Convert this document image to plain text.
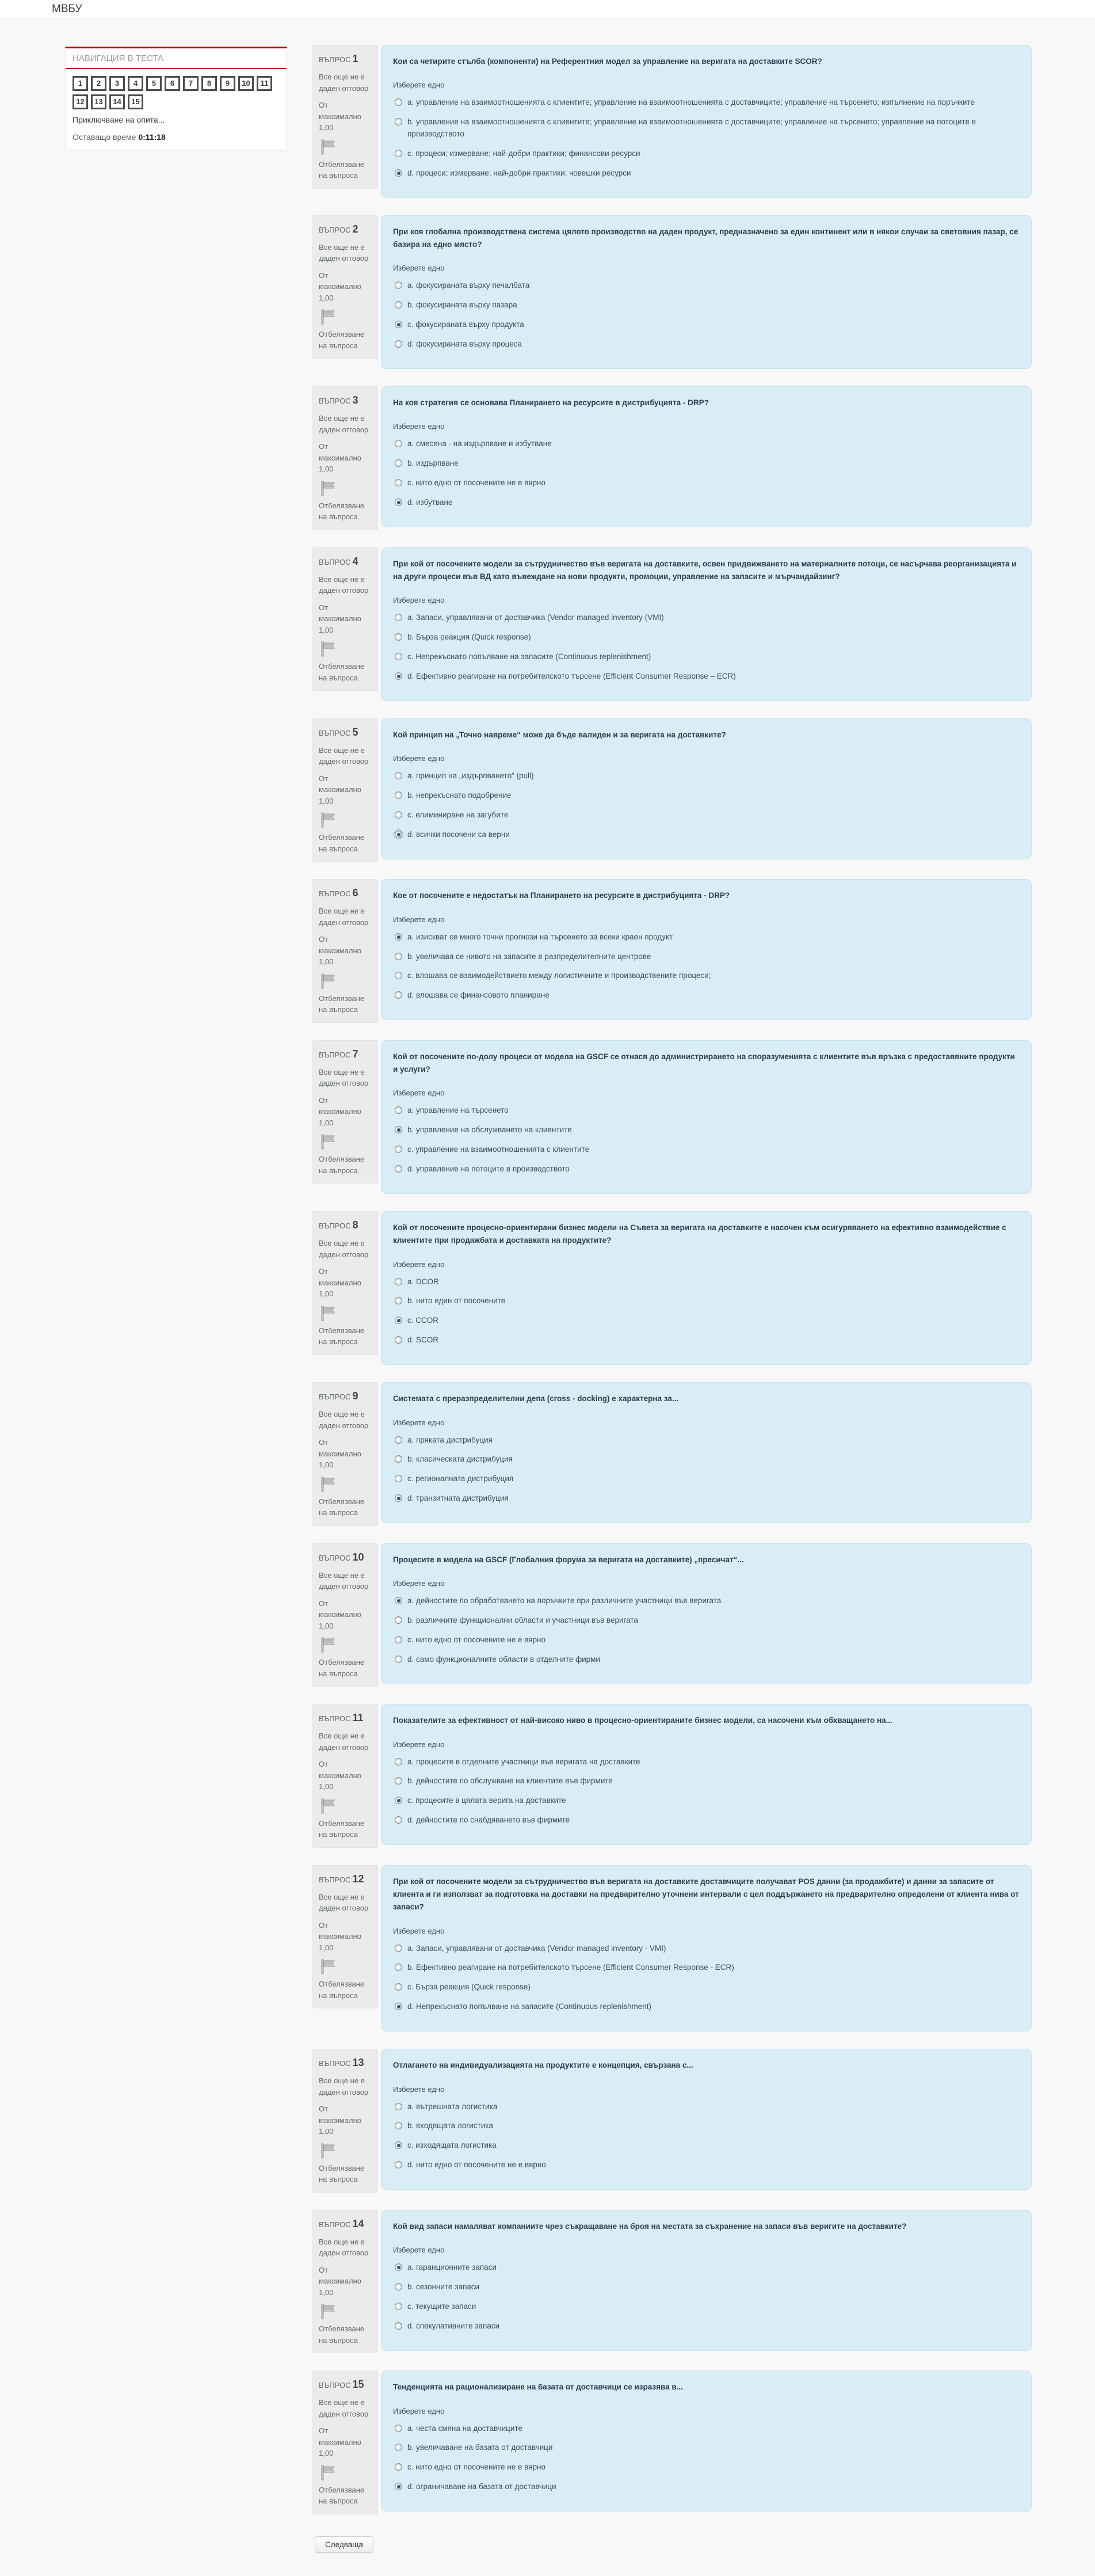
МВБУ
НАВИГАЦИЯ В ТЕСТА
1 2 3 4 5 6 7 8 9 10 1112 13 14 15
Приключване на опита...
Оставащо време 0:11:18
ВЪПРОС 1
Все още не е даден отговор
От максимално 1,00
Отбелязване на въпроса
Кои са четирите стълба (компоненти) на Референтния модел за управление на веригата на доставките SCOR?
Изберете едно
a. управление на взаимоотношенията с клиентите; управление на взаимоотношенията с доставчиците; управление на търсенето; изпълнение на поръчките
b. управление на взаимоотношенията с клиентите; управление на взаимоотношенията с доставчиците; управление на търсенето; управление на потоците в производството
c. процеси; измерване; най-добри практики; финансови ресурси
d. процеси; измерване; най-добри практики; човешки ресурси
ВЪПРОС 2
Все още не е даден отговор
От максимално 1,00
Отбелязване на въпроса
При коя глобална производствена система цялото производство на даден продукт, предназначено за един континент или в някои случаи за световния пазар, се базира на едно място?
Изберете едно
a. фокусираната върху печалбата
b. фокусираната върху пазара
c. фокусираната върху продукта
d. фокусираната върху процеса
ВЪПРОС 3
Все още не е даден отговор
От максимално 1,00
Отбелязване на въпроса
На коя стратегия се основава Планирането на ресурсите в дистрибуцията - DRP?
Изберете едно
a. смесена - на издърпване и избутване
b. издърпване
c. нито едно от посочените не е вярно
d. избутване
ВЪПРОС 4
Все още не е даден отговор
От максимално 1,00
Отбелязване на въпроса
При кой от посочените модели за сътрудничество във веригата на доставките, освен придвижването на материалните потоци, се насърчава реорганизацията и на други процеси във ВД като въвеждане на нови продукти, промоции, управление на запасите и мърчандайзинг?
Изберете едно
a. Запаси, управлявани от доставчика (Vendor managed inventory (VMI)
b. Бърза реакция (Quick response)
c. Непрекъснато попълване на запасите (Continuous replenishment)
d. Ефективно реагиране на потребителското търсене (Efficient Consumer Response – ECR)
ВЪПРОС 5
Все още не е даден отговор
От максимално 1,00
Отбелязване на въпроса
Кой принцип на „Точно навреме“ може да бъде валиден и за веригата на доставките?
Изберете едно
a. принцип на „издърпването“ (pull)
b. непрекъснато подобрение
c. елиминиране на загубите
d. всички посочени са верни
ВЪПРОС 6
Все още не е даден отговор
От максимално 1,00
Отбелязване на въпроса
Кое от посочените е недостатък на Планирането на ресурсите в дистрибуцията - DRP?
Изберете едно
a. изискват се много точни прогнози на търсенето за всеки краен продукт
b. увеличава се нивото на запасите в разпределителните центрове
c. влошава се взаимодействието между логистичните и производствените процеси;
d. влошава се финансовото планиране
ВЪПРОС 7
Все още не е даден отговор
От максимално 1,00
Отбелязване на въпроса
Кой от посочените по-долу процеси от модела на GSCF се отнася до администрирането на споразуменията с клиентите във връзка с предоставяните продукти и услуги?
Изберете едно
a. управление на търсенето
b. управление на обслужването на клиентите
c. управление на взаимоотношенията с клиентите
d. управление на потоците в производството
ВЪПРОС 8
Все още не е даден отговор
От максимално 1,00
Отбелязване на въпроса
Кой от посочените процесно-ориентирани бизнес модели на Съвета за веригата на доставките е насочен към осигуряването на ефективно взаимодействие с клиентите при продажбата и доставката на продуктите?
Изберете едно
a. DCOR
b. нито един от посочените
c. CCOR
d. SCOR
ВЪПРОС 9
Все още не е даден отговор
От максимално 1,00
Отбелязване на въпроса
Системата с преразпределителни депа (cross - docking) е характерна за...
Изберете едно
a. пряката дистрибуция
b. класическата дистрибуция
c. регионалната дистрибуция
d. транзитната дистрибуция
ВЪПРОС 10
Все още не е даден отговор
От максимално 1,00
Отбелязване на въпроса
Процесите в модела на GSCF (Глобалния форума за веригата на доставките) „пресичат“...
Изберете едно
a. дейностите по обработването на поръчките при различните участници във веригата
b. различните функционални области и участници във веригата
c. нито едно от посочените не е вярно
d. само функционалните области в отделните фирми
ВЪПРОС 11
Все още не е даден отговор
От максимално 1,00
Отбелязване на въпроса
Показателите за ефективност от най-високо ниво в процесно-ориентираните бизнес модели, са насочени към обхващането на...
Изберете едно
a. процесите в отделните участници във веригата на доставките
b. дейностите по обслужване на клиентите във фирмите
c. процесите в цялата верига на доставките
d. дейностите по снабдяването във фирмите
ВЪПРОС 12
Все още не е даден отговор
От максимално 1,00
Отбелязване на въпроса
При кой от посочените модели за сътрудничество във веригата на доставките доставчиците получават POS данни (за продажбите) и данни за запасите от клиента и ги използват за подготовка на доставки на предварително уточнени интервали с цел поддържането на предварително определени от клиента нива от запаси?
Изберете едно
a. Запаси, управлявани от доставчика (Vendor managed inventory - VMI)
b. Ефективно реагиране на потребителското търсене (Efficient Consumer Response - ECR)
c. Бърза реакция (Quick response)
d. Непрекъснато попълване на запасите (Continuous replenishment)
ВЪПРОС 13
Все още не е даден отговор
От максимално 1,00
Отбелязване на въпроса
Отлагането на индивидуализацията на продуктите е концепция, свързана с...
Изберете едно
a. вътрешната логистика
b. входящата логистика
c. изходящата логистика
d. нито едно от посочените не е вярно
ВЪПРОС 14
Все още не е даден отговор
От максимално 1,00
Отбелязване на въпроса
Кой вид запаси намаляват компаниите чрез съкращаване на броя на местата за съхранение на запаси във веригите на доставките?
Изберете едно
a. гаранционните запаси
b. сезонните запаси
c. текущите запаси
d. спекулативните запаси
ВЪПРОС 15
Все още не е даден отговор
От максимално 1,00
Отбелязване на въпроса
Тенденцията на рационализиране на базата от доставчици се изразява в...
Изберете едно
a. честа смяна на доставчиците
b. увеличаване на базата от доставчици
c. нито едно от посочените не е вярно
d. ограничаване на базата от доставчици
Следваща
